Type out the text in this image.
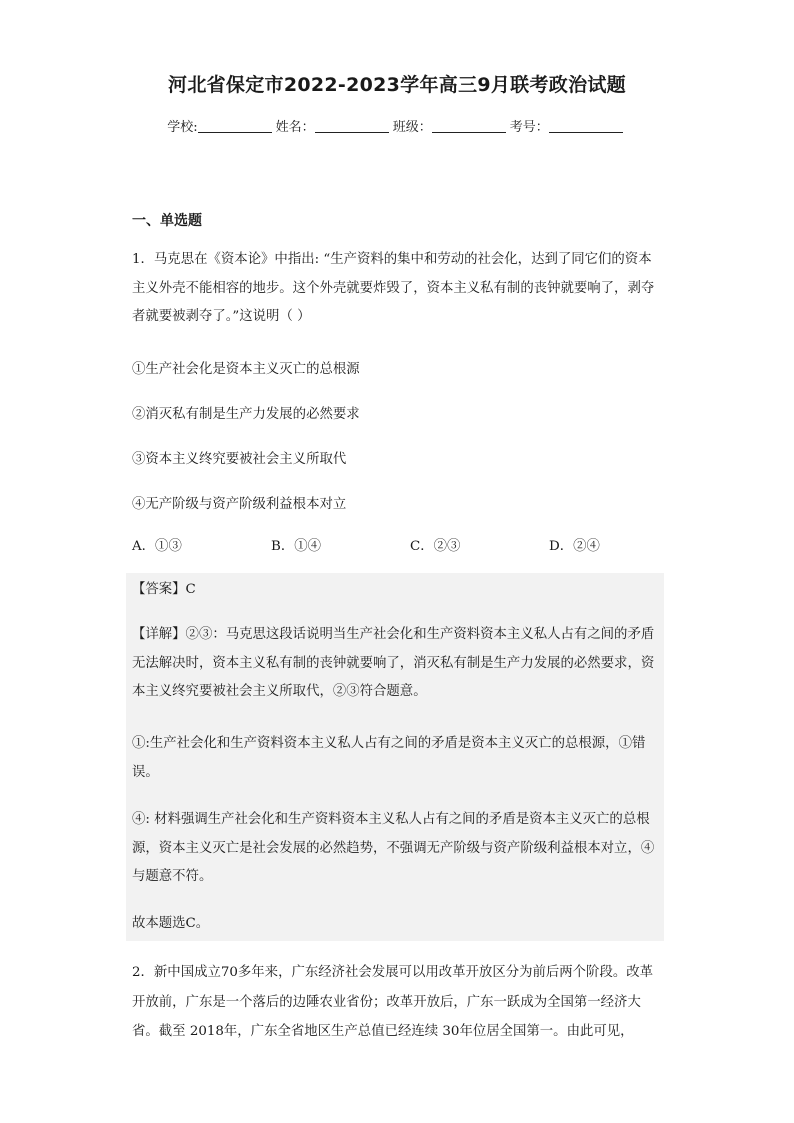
河北省保定市2022-2023学年高三9月联考政治试题
学校:	姓名：	班级：	考号：
一、单选题
1．马克思在《资本论》中指出: “生产资料的集中和劳动的社会化，达到了同它们的资本主义外壳不能相容的地步。这个外壳就要炸毁了，资本主义私有制的丧钟就要响了，剥夺者就要被剥夺了。”这说明（ ）
①生产社会化是资本主义灭亡的总根源
②消灭私有制是生产力发展的必然要求
③资本主义终究要被社会主义所取代
④无产阶级与资产阶级利益根本对立
A．①③	B．①④	C．②③	D．②④
【答案】C
【详解】②③：马克思这段话说明当生产社会化和生产资料资本主义私人占有之间的矛盾无法解决时，资本主义私有制的丧钟就要响了，消灭私有制是生产力发展的必然要求，资本主义终究要被社会主义所取代，②③符合题意。
①:生产社会化和生产资料资本主义私人占有之间的矛盾是资本主义灭亡的总根源，①错误。
④: 材料强调生产社会化和生产资料资本主义私人占有之间的矛盾是资本主义灭亡的总根源，资本主义灭亡是社会发展的必然趋势，不强调无产阶级与资产阶级利益根本对立，④与题意不符。
故本题选C。
2．新中国成立70多年来，广东经济社会发展可以用改革开放区分为前后两个阶段。改革开放前，广东是一个落后的边陲农业省份；改革开放后，广东一跃成为全国第一经济大省。截至 2018年，广东全省地区生产总值已经连续 30年位居全国第一。由此可见，
